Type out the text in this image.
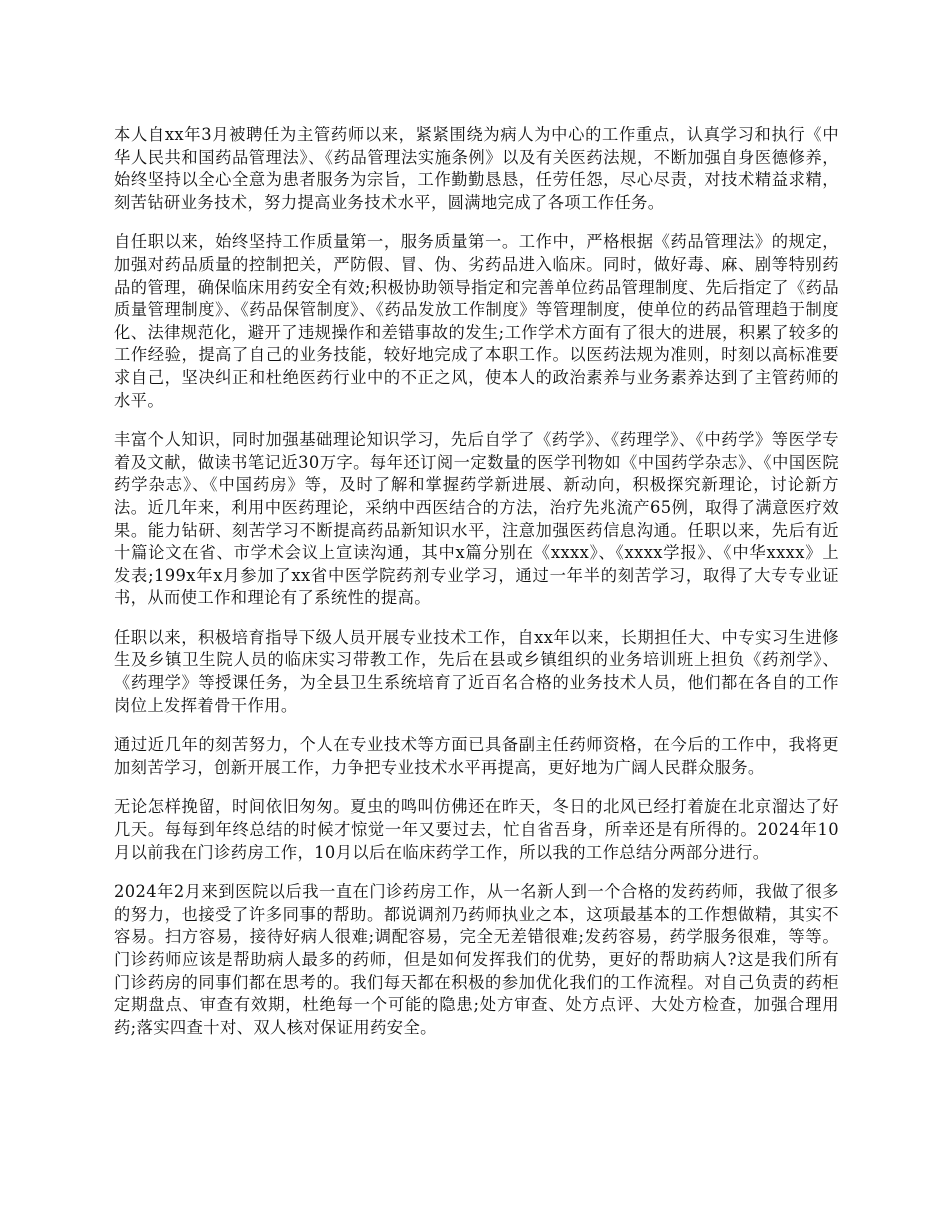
本人自xx年3月被聘任为主管药师以来，紧紧围绕为病人为中心的工作重点，认真学习和执行《中华人民共和国药品管理法》、《药品管理法实施条例》以及有关医药法规，不断加强自身医德修养，始终坚持以全心全意为患者服务为宗旨，工作勤勤恳恳，任劳任怨，尽心尽责，对技术精益求精，刻苦钻研业务技术，努力提高业务技术水平，圆满地完成了各项工作任务。

自任职以来，始终坚持工作质量第一，服务质量第一。工作中，严格根据《药品管理法》的规定，加强对药品质量的控制把关，严防假、冒、伪、劣药品进入临床。同时，做好毒、麻、剧等特别药品的管理，确保临床用药安全有效;积极协助领导指定和完善单位药品管理制度、先后指定了《药品质量管理制度》、《药品保管制度》、《药品发放工作制度》等管理制度，使单位的药品管理趋于制度化、法律规范化，避开了违规操作和差错事故的发生;工作学术方面有了很大的进展，积累了较多的工作经验，提高了自己的业务技能，较好地完成了本职工作。以医药法规为准则，时刻以高标准要求自己，坚决纠正和杜绝医药行业中的不正之风，使本人的政治素养与业务素养达到了主管药师的水平。

丰富个人知识，同时加强基础理论知识学习，先后自学了《药学》、《药理学》、《中药学》等医学专着及文献，做读书笔记近30万字。每年还订阅一定数量的医学刊物如《中国药学杂志》、《中国医院药学杂志》、《中国药房》等，及时了解和掌握药学新进展、新动向，积极探究新理论，讨论新方法。近几年来，利用中医药理论，采纳中西医结合的方法，治疗先兆流产65例，取得了满意医疗效果。能力钻研、刻苦学习不断提高药品新知识水平，注意加强医药信息沟通。任职以来，先后有近十篇论文在省、市学术会议上宣读沟通，其中x篇分别在《xxxx》、《xxxx学报》、《中华xxxx》上发表;199x年x月参加了xx省中医学院药剂专业学习，通过一年半的刻苦学习，取得了大专专业证书，从而使工作和理论有了系统性的提高。

任职以来，积极培育指导下级人员开展专业技术工作，自xx年以来，长期担任大、中专实习生进修生及乡镇卫生院人员的临床实习带教工作，先后在县或乡镇组织的业务培训班上担负《药剂学》、《药理学》等授课任务，为全县卫生系统培育了近百名合格的业务技术人员，他们都在各自的工作岗位上发挥着骨干作用。

通过近几年的刻苦努力，个人在专业技术等方面已具备副主任药师资格，在今后的工作中，我将更加刻苦学习，创新开展工作，力争把专业技术水平再提高，更好地为广阔人民群众服务。

无论怎样挽留，时间依旧匆匆。夏虫的鸣叫仿佛还在昨天，冬日的北风已经打着旋在北京溜达了好几天。每每到年终总结的时候才惊觉一年又要过去，忙自省吾身，所幸还是有所得的。2024年10月以前我在门诊药房工作，10月以后在临床药学工作，所以我的工作总结分两部分进行。

2024年2月来到医院以后我一直在门诊药房工作，从一名新人到一个合格的发药药师，我做了很多的努力，也接受了许多同事的帮助。都说调剂乃药师执业之本，这项最基本的工作想做精，其实不容易。扫方容易，接待好病人很难;调配容易，完全无差错很难;发药容易，药学服务很难，等等。门诊药师应该是帮助病人最多的药师，但是如何发挥我们的优势，更好的帮助病人?这是我们所有门诊药房的同事们都在思考的。我们每天都在积极的参加优化我们的工作流程。对自己负责的药柜定期盘点、审查有效期，杜绝每一个可能的隐患;处方审查、处方点评、大处方检查，加强合理用药;落实四查十对、双人核对保证用药安全。
